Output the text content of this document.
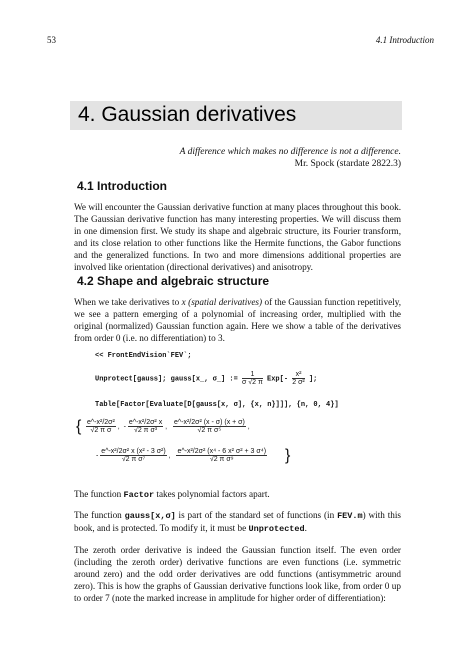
53	4.1 Introduction
4. Gaussian derivatives
A difference which makes no difference is not a difference.
Mr. Spock (stardate 2822.3)
4.1 Introduction
We will encounter the Gaussian derivative function at many places throughout this book. The Gaussian derivative function has many interesting properties. We will discuss them in one dimension first. We study its shape and algebraic structure, its Fourier transform, and its close relation to other functions like the Hermite functions, the Gabor functions and the generalized functions. In two and more dimensions additional properties are involved like orientation (directional derivatives) and anisotropy.
4.2 Shape and algebraic structure
When we take derivatives to x (spatial derivatives) of the Gaussian function repetitively, we see a pattern emerging of a polynomial of increasing order, multiplied with the original (normalized) Gaussian function again. Here we show a table of the derivatives from order 0 (i.e. no differentiation) to 3.
<< FrontEndVision`FEV`;
Unprotect[gauss]; gauss[x_, σ_] := $\frac{1}{\sigma √2 \pi} Exp[- \frac{\text{x²}}{\text{2 σ²}}$ ];
Table[Factor[Evaluate[D[gauss[x, σ], {x, n}]]], {n, 0, 4}]
{ $\frac{\text{e\textasciicircum{}-x²/2σ²}}{\text{√2 π σ}}$ ,  - $\frac{\text{e\textasciicircum{}-x²/2σ² x}}{\text{√2 π σ³}}$ , $\frac{\text{e\textasciicircum{}-x²/2σ² (x - σ) (x + σ)}}{\text{√2 π σ⁵}}$ ,
- $\frac{\text{e\textasciicircum{}-x²/2σ² x (x² - 3 σ²)}}{\text{√2 π σ⁷}}$ , $\frac{\text{e\textasciicircum{}-x²/2σ² (x⁴ - 6 x² σ² + 3 σ⁴)}}{\text{√2 π σ⁹}}$ }
The function Factor takes polynomial factors apart.
The function gauss[x,σ] is part of the standard set of functions (in FEV.m) with this book, and is protected. To modify it, it must be Unprotected.
The zeroth order derivative is indeed the Gaussian function itself. The even order (including the zeroth order) derivative functions are even functions (i.e. symmetric around zero) and the odd order derivatives are odd functions (antisymmetric around zero). This is how the graphs of Gaussian derivative functions look like, from order 0 up to order 7 (note the marked increase in amplitude for higher order of differentiation):
